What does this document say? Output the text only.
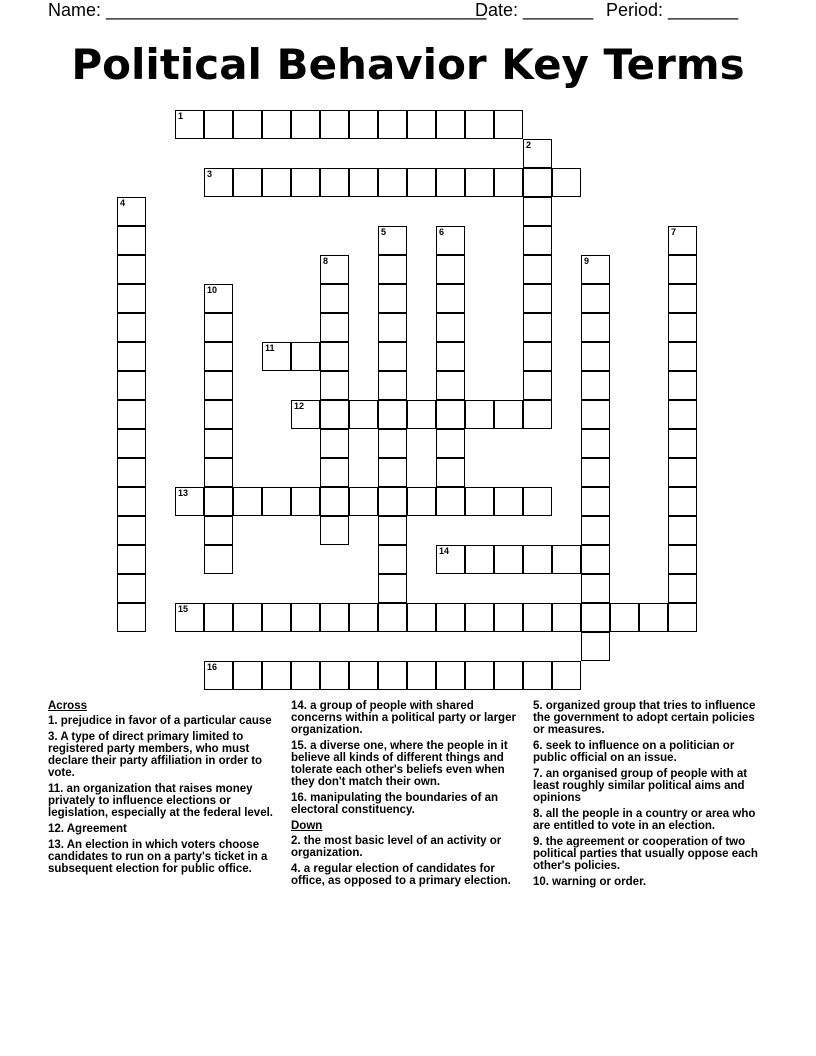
Name: ______________________________________
Date: _______ Period: _______
Political Behavior Key Terms
1
2
3
4
5	6	7
8	9
10
11
12
13
14
15
16
Across
1. prejudice in favor of a particular cause
3. A type of direct primary limited to registered party members, who must declare their party affiliation in order to vote.
11. an organization that raises money privately to influence elections or legislation, especially at the federal level.
12. Agreement
13. An election in which voters choose candidates to run on a party's ticket in a subsequent election for public office.
14. a group of people with shared concerns within a political party or larger organization.
15. a diverse one, where the people in it believe all kinds of different things and tolerate each other's beliefs even when they don't match their own.
16. manipulating the boundaries of an electoral constituency.
Down
2. the most basic level of an activity or organization.
4. a regular election of candidates for office, as opposed to a primary election.
5. organized group that tries to influence the government to adopt certain policies or measures.
6. seek to influence on a politician or public official on an issue.
7. an organised group of people with at least roughly similar political aims and opinions
8. all the people in a country or area who are entitled to vote in an election.
9. the agreement or cooperation of two political parties that usually oppose each other's policies.
10. warning or order.
